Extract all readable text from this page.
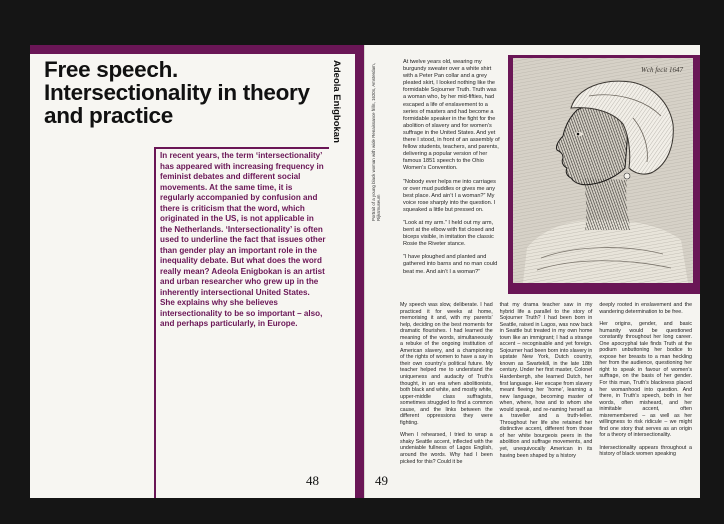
Free speech. Intersectionality in theory and practice	Adeola Enigbokan
In recent years, the term ‘intersectionality’ has appeared with increasing frequency in feminist debates and different social movements. At the same time, it is regularly accompanied by confusion and there is criticism that the word, which originated in the US, is not applicable in the Netherlands. ‘Intersectionality’ is often used to underline the fact that issues other than gender play an important role in the inequality debate. But what does the word really mean? Adeola Enigbokan is an artist and urban researcher who grew up in the inherently intersectional United States. She explains why she believes intersectionality to be so important – also, and perhaps particularly, in Europe.
48
Portrait of a young black woman with wide Renaissance frills, 1620s, Amsterdam, Rijksmuseum

At twelve years old, wearing my burgundy sweater over a white shirt with a Peter Pan collar and a grey pleated skirt, I looked nothing like the formidable Sojourner Truth. Truth was a woman who, by her mid-fifties, had escaped a life of enslavement to a series of masters and had become a formidable speaker in the fight for the abolition of slavery and for women’s suffrage in the United States. And yet there I stood, in front of an assembly of fellow students, teachers, and parents, delivering a popular version of her famous 1851 speech to the Ohio Women’s Convention.

“Nobody ever helps me into carriages or over mud puddles or gives me any best place. And ain’t I a woman?” My voice rose sharply into the question. I squeaked a little but pressed on.

“Look at my arm.” I held out my arm, bent at the elbow with fist closed and biceps visible, in imitation the classic Rosie the Riveter stance.

“I have ploughed and planted and gathered into barns and no man could beat me. And ain’t I a woman?”

Wch fecit 1647

My speech was slow, deliberate. I had practiced it for weeks at home, memorising it and, with my parents’ help, deciding on the best moments for dramatic flourishes. I had learned the meaning of the words, simultaneously a rebuke of the ongoing institution of American slavery, and a championing of the rights of women to have a say in their own country’s political future. My teacher helped me to understand the uniqueness and audacity of Truth’s thought, in an era when abolitionists, both black and white, and mostly white, upper-middle class suffragists, sometimes struggled to find a common cause, and the links between the different oppressions they were fighting.

When I rehearsed, I tried to wrap a shaky Seattle accent, inflected with the undeniable fullness of Lagos English, around the words. Why had I been picked for this? Could it be

that my drama teacher saw in my hybrid life a parallel to the story of Sojourner Truth? I had been born in Seattle, raised in Lagos, was now back in Seattle but treated in my own home town like an immigrant; I had a strange accent – recognisable and yet foreign. Sojourner had been born into slavery in upstate New York, Dutch country, known as Swartekill, in the late 18th century. Under her first master, Colonel Hardenbergh, she learned Dutch, her first language. Her escape from slavery meant fleeing her ‘home’, learning a new language, becoming master of when, where, how and to whom she would speak, and re-naming herself as a traveller and a truth-teller. Throughout her life she retained her distinctive accent, different from those of her white bourgeois peers in the abolition and suffrage movements, and yet, unequivocally American in its having been shaped by a history

deeply rooted in enslavement and the wandering determination to be free.

Her origins, gender, and basic humanity would be questioned constantly throughout her long career. One apocryphal tale finds Truth at the podium unbuttoning her bodice to expose her breasts to a man heckling her from the audience, questioning her right to speak in favour of women’s suffrage, on the basis of her gender. For this man, Truth’s blackness placed her womanhood into question. And there, in Truth’s speech, both in her words, often misheard, and her inimitable accent, often misremembered – as well as her willingness to risk ridicule – we might find one story that serves as an origin for a theory of intersectionality.

Intersectionality appears throughout a history of black women speaking

49
